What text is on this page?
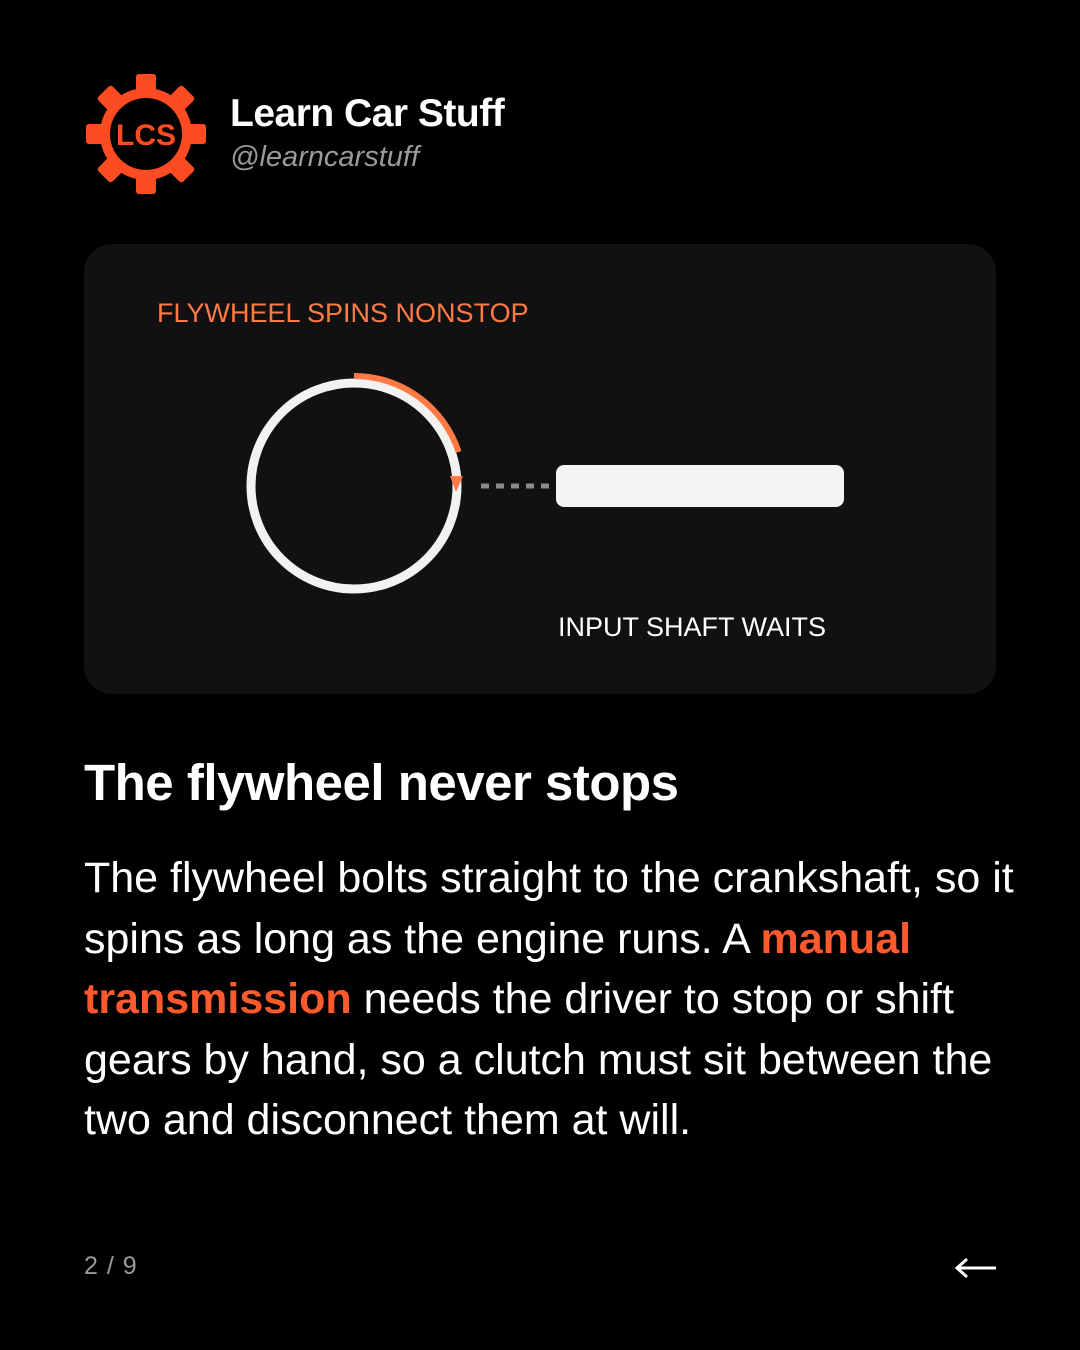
LCS
Learn Car Stuff
@learncarstuff
FLYWHEEL SPINS NONSTOP
INPUT SHAFT WAITS
The flywheel never stops

The flywheel bolts straight to the crankshaft, so it spins as long as the engine runs. A manual transmission needs the driver to stop or shift gears by hand, so a clutch must sit between the two and disconnect them at will.

2 / 9
